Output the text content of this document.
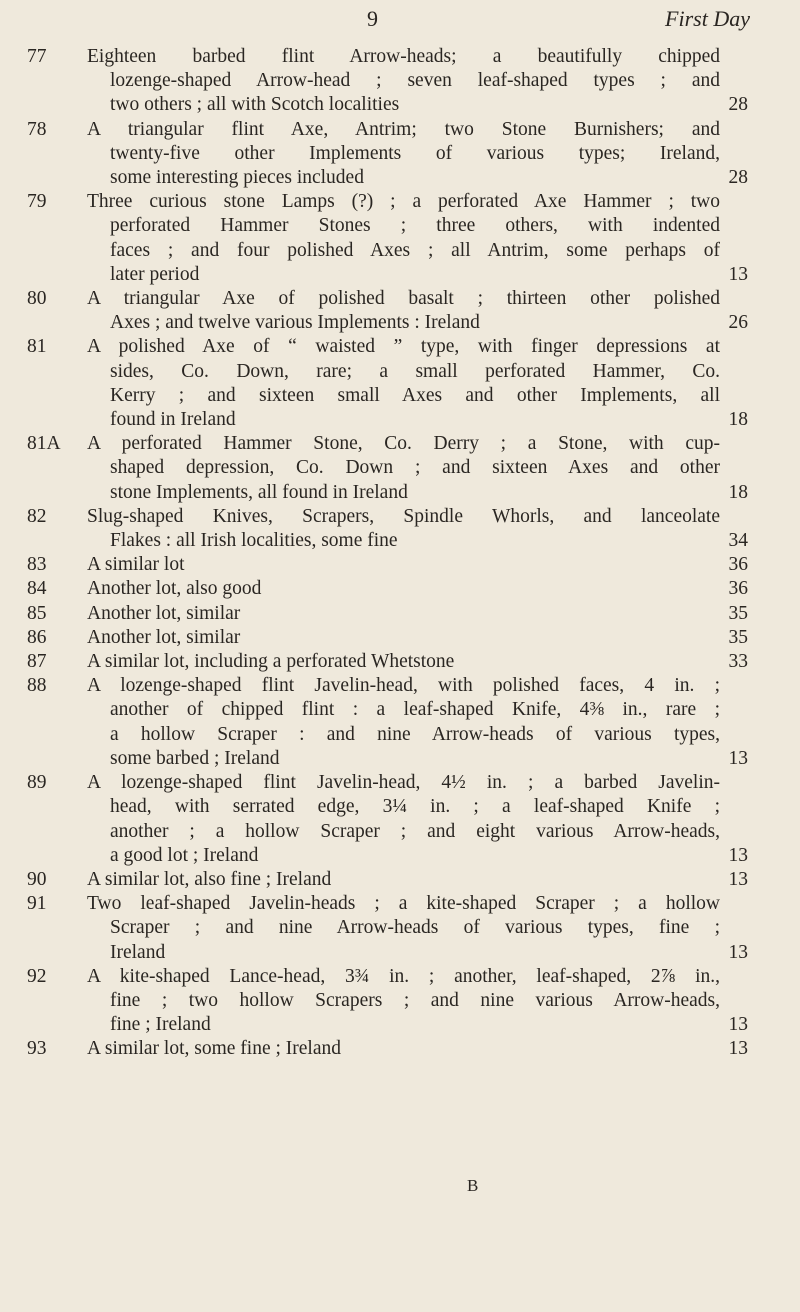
9	First Day
77	Eighteen barbed flint Arrow-heads; a beautifully chipped
lozenge-shaped Arrow-head ; seven leaf-shaped types ; and
two others ; all with Scotch localities	28
78	A triangular flint Axe, Antrim; two Stone Burnishers; and
twenty-five other Implements of various types; Ireland,
some interesting pieces included	28
79	Three curious stone Lamps (?) ; a perforated Axe Hammer ; two
perforated Hammer Stones ; three others, with indented
faces ; and four polished Axes ; all Antrim, some perhaps of
later period	13
80	A triangular Axe of polished basalt ; thirteen other polished
Axes ; and twelve various Implements : Ireland	26
81	A polished Axe of “ waisted ” type, with finger depressions at
sides, Co. Down, rare; a small perforated Hammer, Co.
Kerry ; and sixteen small Axes and other Implements, all
found in Ireland	18
81A	A perforated Hammer Stone, Co. Derry ; a Stone, with cup-
shaped depression, Co. Down ; and sixteen Axes and other
stone Implements, all found in Ireland	18
82	Slug-shaped Knives, Scrapers, Spindle Whorls, and lanceolate
Flakes : all Irish localities, some fine	34
83	A similar lot	36
84	Another lot, also good	36
85	Another lot, similar	35
86	Another lot, similar	35
87	A similar lot, including a perforated Whetstone	33
88	A lozenge-shaped flint Javelin-head, with polished faces, 4 in. ;
another of chipped flint : a leaf-shaped Knife, 4⅜ in., rare ;
a hollow Scraper : and nine Arrow-heads of various types,
some barbed ; Ireland	13
89	A lozenge-shaped flint Javelin-head, 4½ in. ; a barbed Javelin-
head, with serrated edge, 3¼ in. ; a leaf-shaped Knife ;
another ; a hollow Scraper ; and eight various Arrow-heads,
a good lot ; Ireland	13
90	A similar lot, also fine ; Ireland	13
91	Two leaf-shaped Javelin-heads ; a kite-shaped Scraper ; a hollow
Scraper ; and nine Arrow-heads of various types, fine ;
Ireland	13
92	A kite-shaped Lance-head, 3¾ in. ; another, leaf-shaped, 2⅞ in.,
fine ; two hollow Scrapers ; and nine various Arrow-heads,
fine ; Ireland	13
93	A similar lot, some fine ; Ireland	13
B
